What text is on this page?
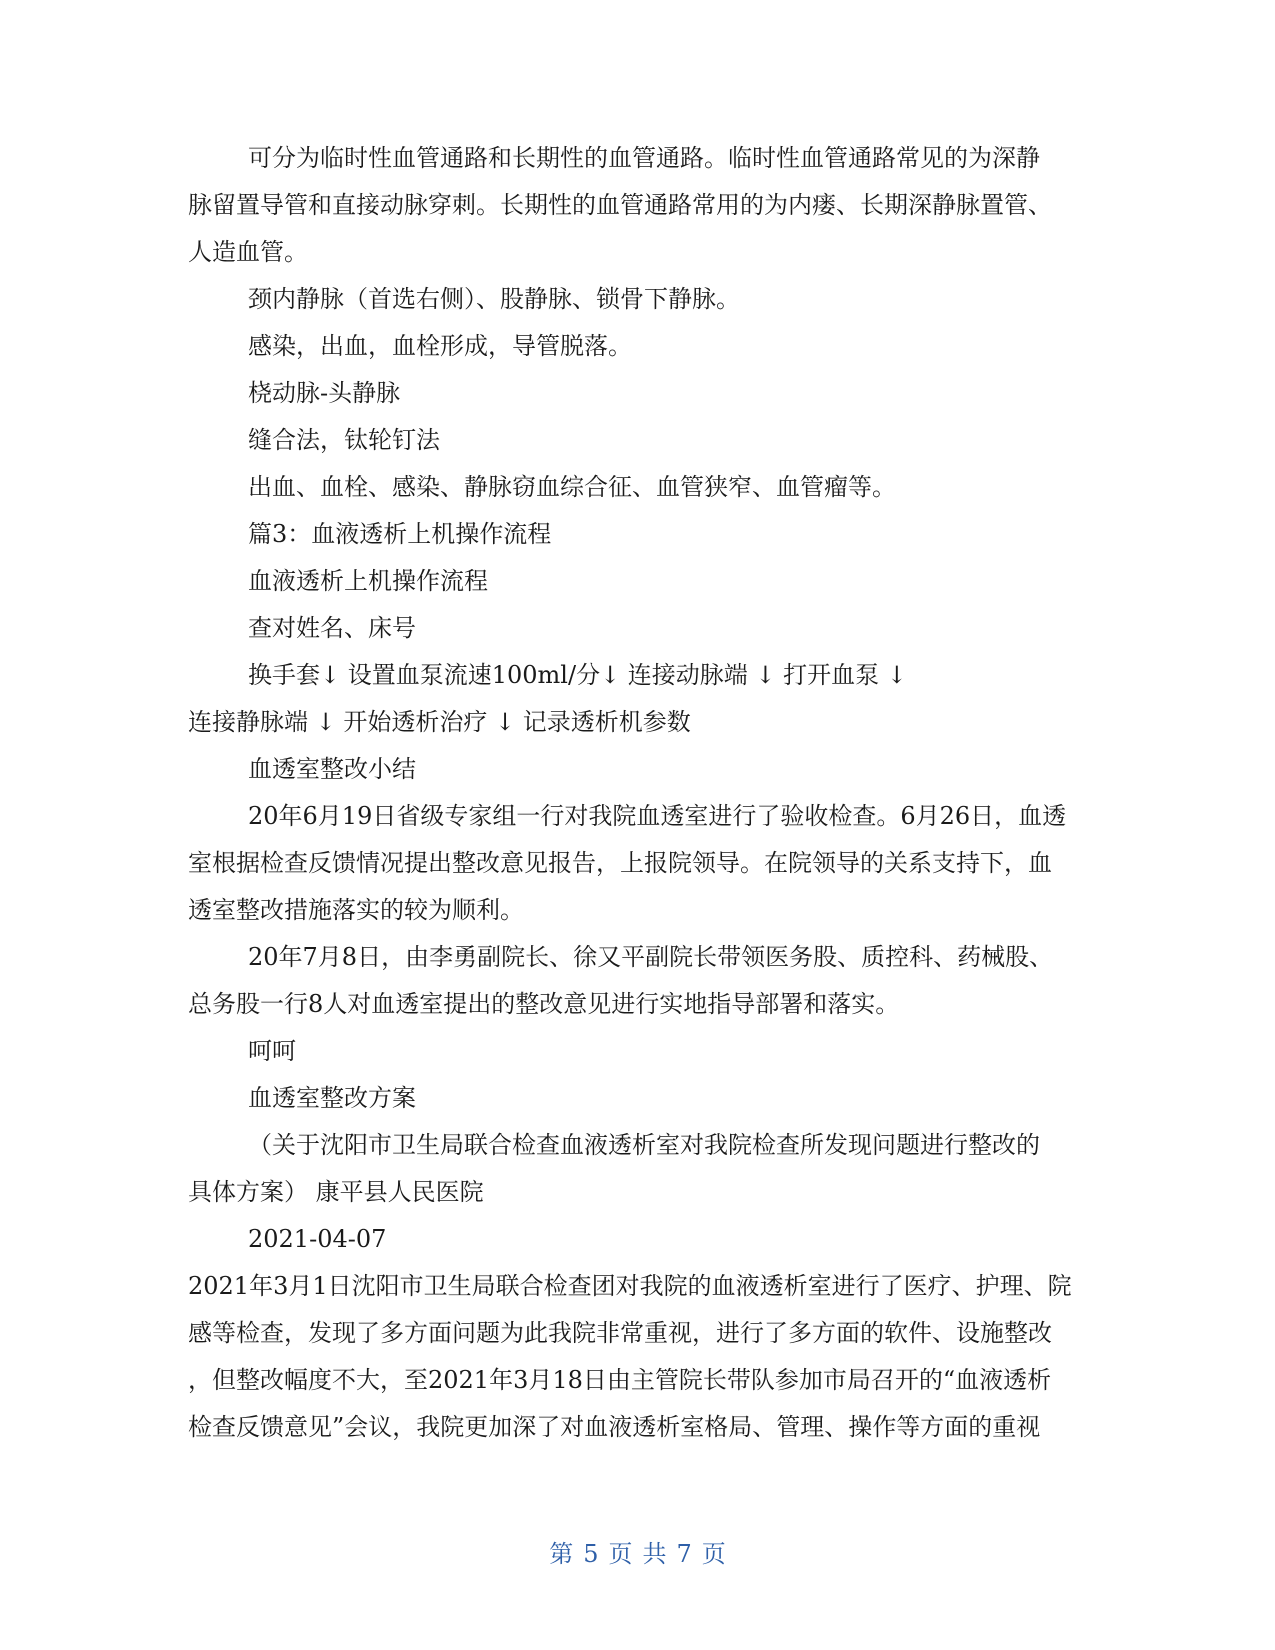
可分为临时性血管通路和长期性的血管通路。临时性血管通路常见的为深静
脉留置导管和直接动脉穿刺。长期性的血管通路常用的为内瘘、长期深静脉置管、
人造血管。
颈内静脉（首选右侧）、股静脉、锁骨下静脉。
感染，出血，血栓形成，导管脱落。
桡动脉-头静脉
缝合法，钛轮钉法
出血、血栓、感染、静脉窃血综合征、血管狭窄、血管瘤等。
篇3：血液透析上机操作流程
血液透析上机操作流程
查对姓名、床号
换手套↓ 设置血泵流速100ml/分↓ 连接动脉端 ↓ 打开血泵 ↓
连接静脉端 ↓ 开始透析治疗 ↓ 记录透析机参数
血透室整改小结
20年6月19日省级专家组一行对我院血透室进行了验收检查。6月26日，血透
室根据检查反馈情况提出整改意见报告，上报院领导。在院领导的关系支持下，血
透室整改措施落实的较为顺利。
20年7月8日，由李勇副院长、徐又平副院长带领医务股、质控科、药械股、
总务股一行8人对血透室提出的整改意见进行实地指导部署和落实。
呵呵
血透室整改方案
（关于沈阳市卫生局联合检查血液透析室对我院检查所发现问题进行整改的
具体方案） 康平县人民医院
2021-04-07
2021年3月1日沈阳市卫生局联合检查团对我院的血液透析室进行了医疗、护理、院
感等检查，发现了多方面问题为此我院非常重视，进行了多方面的软件、设施整改
，但整改幅度不大，至2021年3月18日由主管院长带队参加市局召开的“血液透析
检查反馈意见”会议，我院更加深了对血液透析室格局、管理、操作等方面的重视
第 5 页 共 7 页
